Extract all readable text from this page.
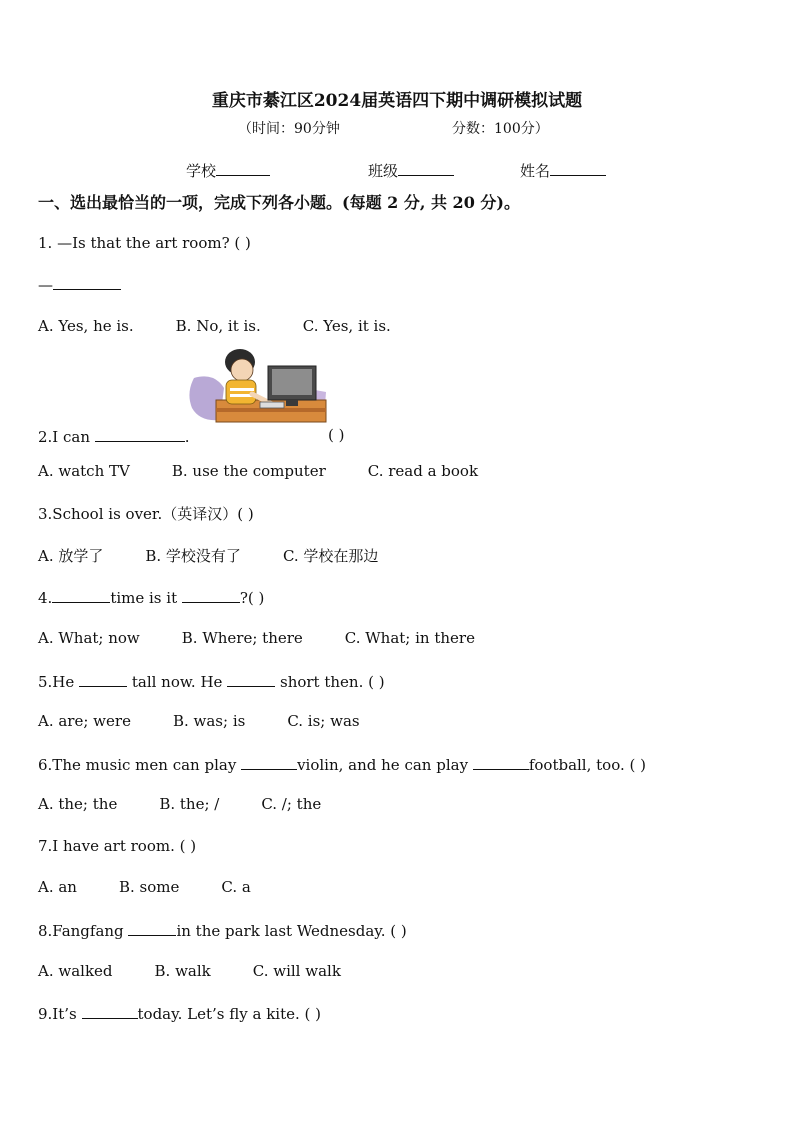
重庆市綦江区2024届英语四下期中调研模拟试题
（时间：90分钟	分数：100分）
学校	班级	姓名
一、选出最恰当的一项，完成下列各小题。(每题 2 分, 共 20 分)。
1. —Is that the art room? ( )
—
A. Yes, he is.	B. No, it is.	C. Yes, it is.
2.I can	.	( )
A. watch TV	B. use the computer	C. read a book
3.School is over.（英译汉）( )
A. 放学了	B. 学校没有了	C. 学校在那边
4.	time is it	?( )
A. What; now	B. Where; there	C. What; in there
5.He	tall now. He	short then. ( )
A. are; were	B. was; is	C. is; was
6.The music men can play	violin, and he can play	football, too. ( )
A. the; the	B. the; /	C. /; the
7.I have art room. ( )
A. an	B. some	C. a
8.Fangfang	in the park last Wednesday. ( )
A. walked	B. walk	C. will walk
9.It’s	today. Let’s fly a kite. ( )
